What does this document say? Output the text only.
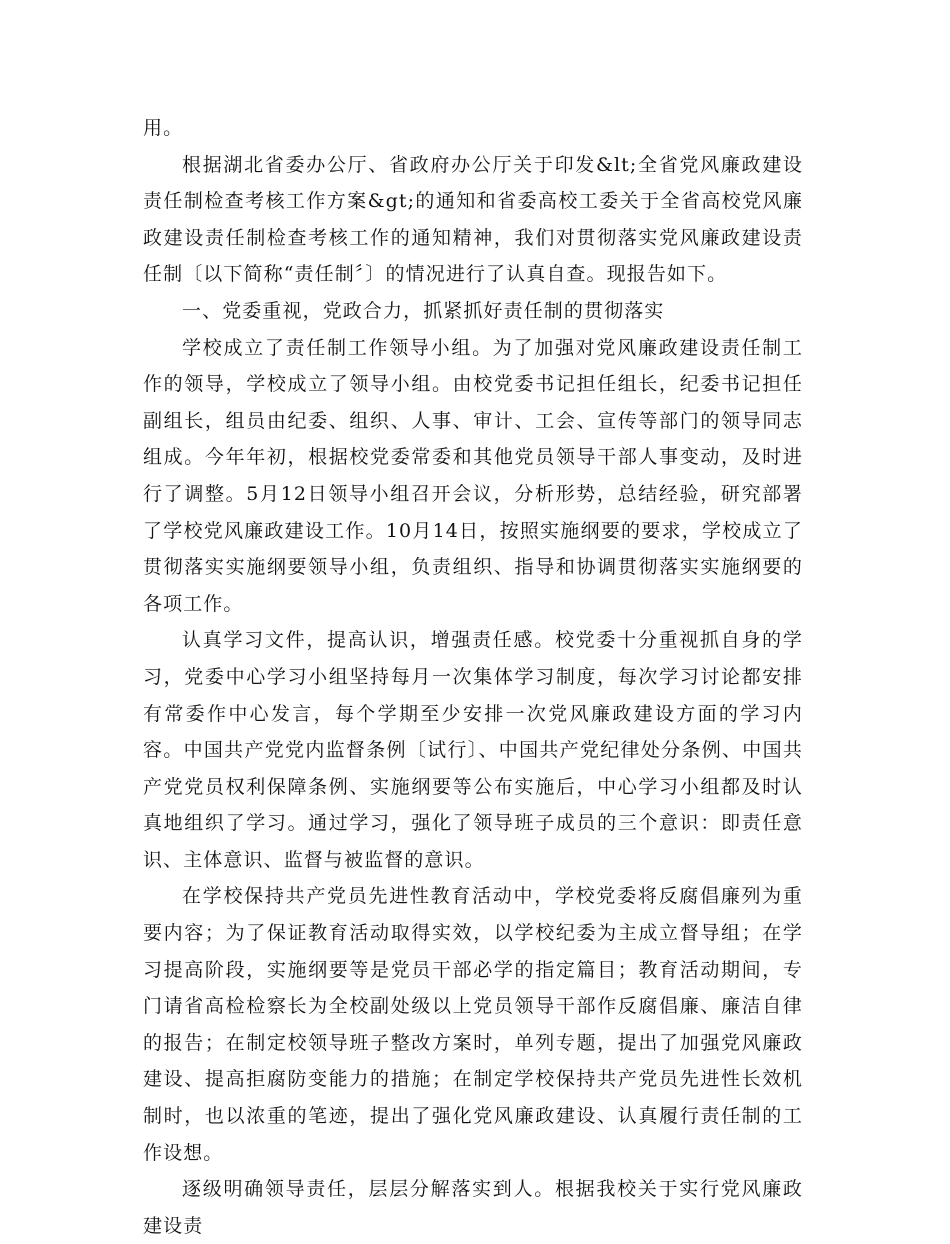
用。

根据湖北省委办公厅、省政府办公厅关于印发&lt;全省党风廉政建设责任制检查考核工作方案&gt;的通知和省委高校工委关于全省高校党风廉政建设责任制检查考核工作的通知精神，我们对贯彻落实党风廉政建设责任制〔以下简称“责任制〞〕的情况进行了认真自查。现报告如下。

一、党委重视，党政合力，抓紧抓好责任制的贯彻落实

学校成立了责任制工作领导小组。为了加强对党风廉政建设责任制工作的领导，学校成立了领导小组。由校党委书记担任组长，纪委书记担任副组长，组员由纪委、组织、人事、审计、工会、宣传等部门的领导同志组成。今年年初，根据校党委常委和其他党员领导干部人事变动，及时进行了调整。5月12日领导小组召开会议，分析形势，总结经验，研究部署了学校党风廉政建设工作。10月14日，按照实施纲要的要求，学校成立了贯彻落实实施纲要领导小组，负责组织、指导和协调贯彻落实实施纲要的各项工作。

认真学习文件，提高认识，增强责任感。校党委十分重视抓自身的学习，党委中心学习小组坚持每月一次集体学习制度，每次学习讨论都安排有常委作中心发言，每个学期至少安排一次党风廉政建设方面的学习内容。中国共产党党内监督条例〔试行〕、中国共产党纪律处分条例、中国共产党党员权利保障条例、实施纲要等公布实施后，中心学习小组都及时认真地组织了学习。通过学习，强化了领导班子成员的三个意识：即责任意识、主体意识、监督与被监督的意识。

在学校保持共产党员先进性教育活动中，学校党委将反腐倡廉列为重要内容；为了保证教育活动取得实效，以学校纪委为主成立督导组；在学习提高阶段，实施纲要等是党员干部必学的指定篇目；教育活动期间，专门请省高检检察长为全校副处级以上党员领导干部作反腐倡廉、廉洁自律的报告；在制定校领导班子整改方案时，单列专题，提出了加强党风廉政建设、提高拒腐防变能力的措施；在制定学校保持共产党员先进性长效机制时，也以浓重的笔迹，提出了强化党风廉政建设、认真履行责任制的工作设想。

逐级明确领导责任，层层分解落实到人。根据我校关于实行党风廉政建设责
